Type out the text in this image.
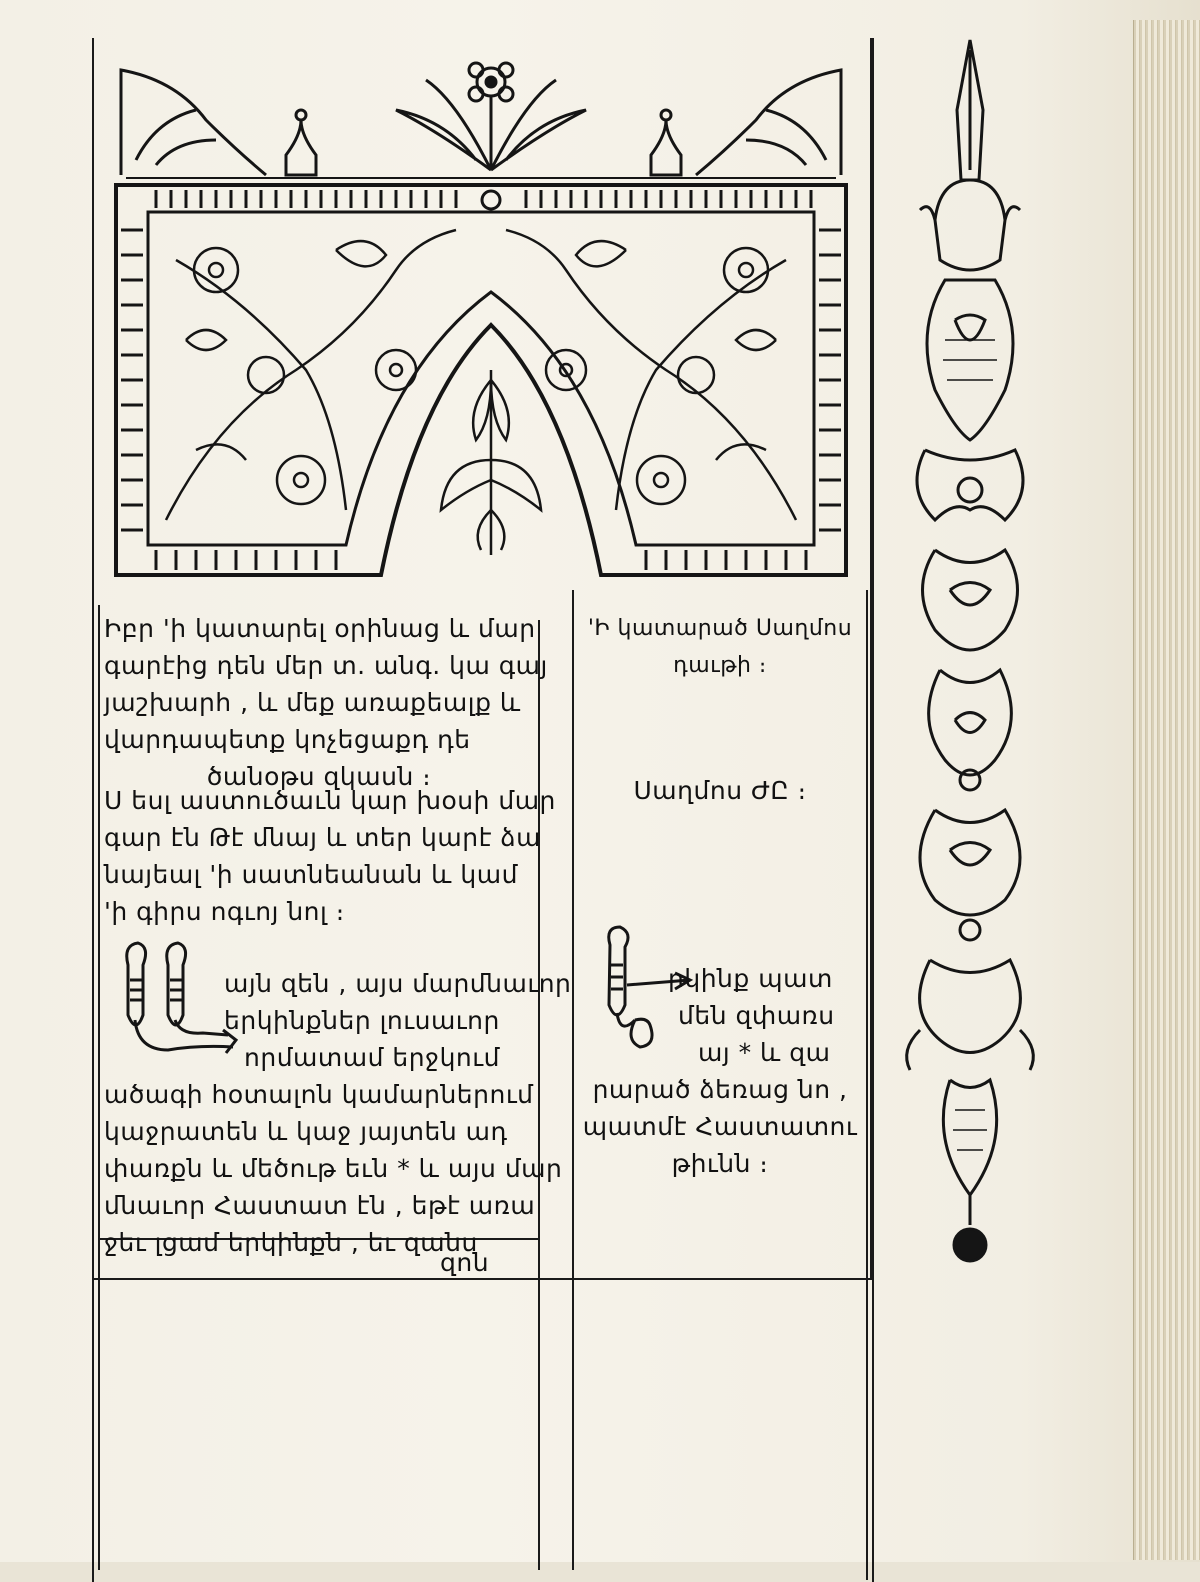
Իբր 'ի կատարել օրինաց և մար
գարէից դեն մեր տ. անգ. կա գայ
յաշխարհ , և մեք առաքեալք և
վարդապետք կոչեցաքդ դե
ծանօթս զկասն ։
Ս եսլ աստուծաւն կար խօսի մար
գար էն Թէ մնայ և տեր կարէ ձա
նայեալ 'ի սատնեանան և կամ
'ի գիրս ոգւոյ նոլ ։
այն զեն , այս մարմնաւոր
երկինքներ լուսաւոր
որմատամ երջկում
ածագի հօտալոն կամարներում
կաջրատեն և կաջ յայտեն ադ
փառքն և մեծութ եւն * և այս մար
մնաւոր Հաստատ էն , եթէ առա
ջեւ լցամ երկինքն , եւ զանս
զոն
'Ի կատարած Սաղմոս
դաւթի ։
Սաղմոս ԺԸ ։
րկինք պատ
մեն զփառս
այ * և զա
րարած ձեռաց նո ,
պատմէ Հաստատու
թիւնն ։
